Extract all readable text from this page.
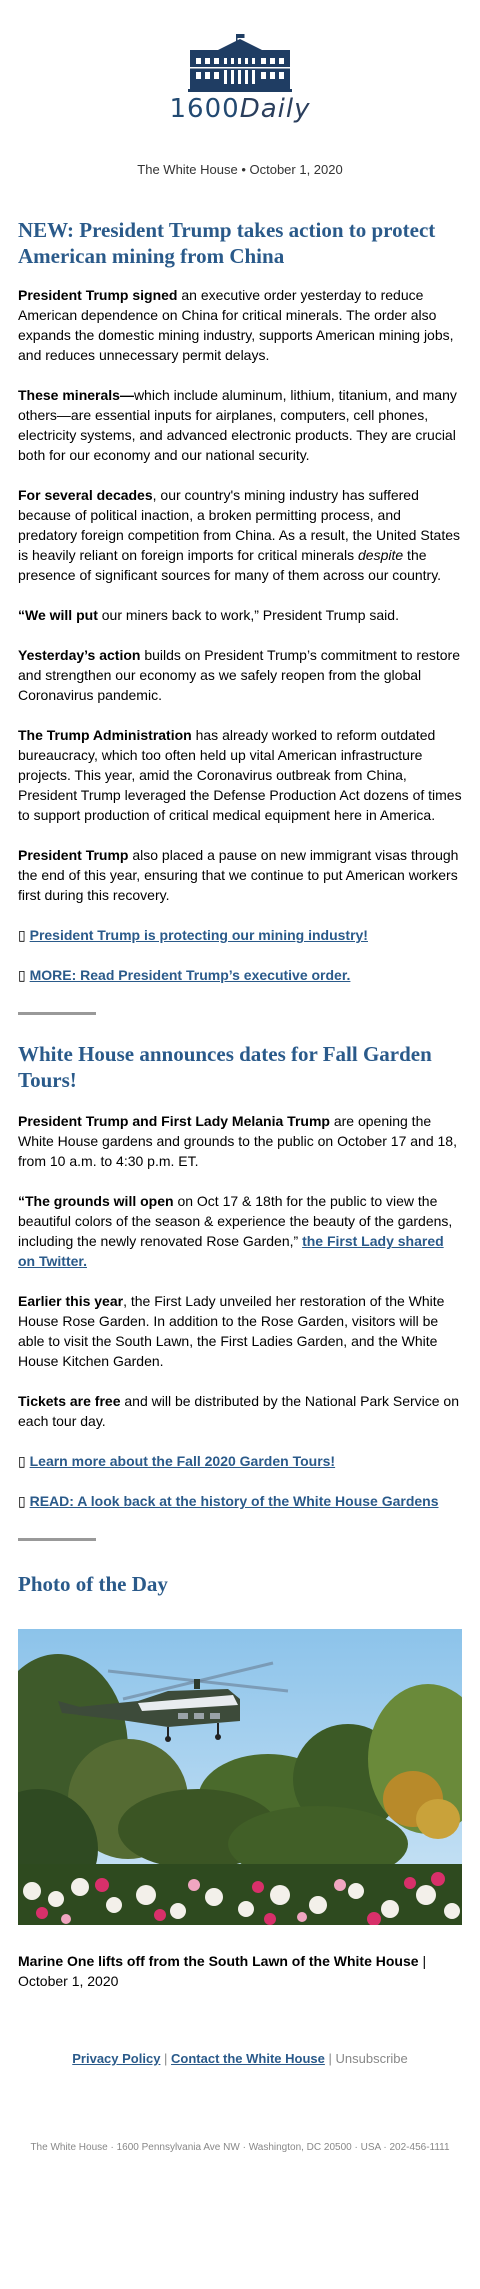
1600Daily
The White House • October 1, 2020
NEW: President Trump takes action to protect American mining from China

President Trump signed an executive order yesterday to reduce American dependence on China for critical minerals. The order also expands the domestic mining industry, supports American mining jobs, and reduces unnecessary permit delays.

These minerals—which include aluminum, lithium, titanium, and many others—are essential inputs for airplanes, computers, cell phones, electricity systems, and advanced electronic products. They are crucial both for our economy and our national security.

For several decades, our country's mining industry has suffered because of political inaction, a broken permitting process, and predatory foreign competition from China. As a result, the United States is heavily reliant on foreign imports for critical minerals despite the presence of significant sources for many of them across our country.

“We will put our miners back to work,” President Trump said.

Yesterday’s action builds on President Trump’s commitment to restore and strengthen our economy as we safely reopen from the global Coronavirus pandemic.

The Trump Administration has already worked to reform outdated bureaucracy, which too often held up vital American infrastructure projects. This year, amid the Coronavirus outbreak from China, President Trump leveraged the Defense Production Act dozens of times to support production of critical medical equipment here in America.

President Trump also placed a pause on new immigrant visas through the end of this year, ensuring that we continue to put American workers first during this recovery.

▯ President Trump is protecting our mining industry!

▯ MORE: Read President Trump’s executive order.

White House announces dates for Fall Garden Tours!

President Trump and First Lady Melania Trump are opening the White House gardens and grounds to the public on October 17 and 18, from 10 a.m. to 4:30 p.m. ET.

“The grounds will open on Oct 17 & 18th for the public to view the beautiful colors of the season & experience the beauty of the gardens, including the newly renovated Rose Garden,” the First Lady shared on Twitter.

Earlier this year, the First Lady unveiled her restoration of the White House Rose Garden. In addition to the Rose Garden, visitors will be able to visit the South Lawn, the First Ladies Garden, and the White House Kitchen Garden.

Tickets are free and will be distributed by the National Park Service on each tour day.

▯ Learn more about the Fall 2020 Garden Tours!

▯ READ: A look back at the history of the White House Gardens

Photo of the Day

Marine One lifts off from the South Lawn of the White House | October 1, 2020

Privacy Policy | Contact the White House | Unsubscribe
The White House · 1600 Pennsylvania Ave NW · Washington, DC 20500 · USA · 202-456-1111
